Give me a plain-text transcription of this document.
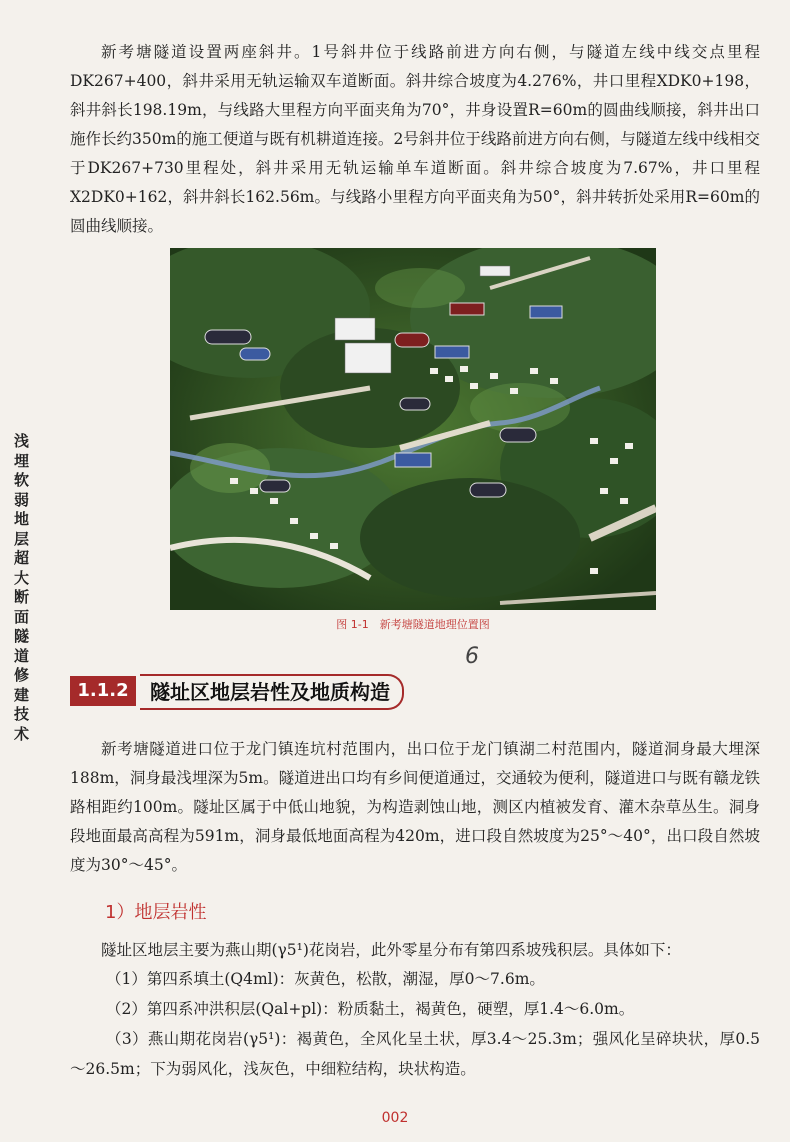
新考塘隧道设置两座斜井。1号斜井位于线路前进方向右侧，与隧道左线中线交点里程DK267+400，斜井采用无轨运输双车道断面。斜井综合坡度为4.276%，井口里程XDK0+198，斜井斜长198.19m，与线路大里程方向平面夹角为70°，井身设置R=60m的圆曲线顺接，斜井出口施作长约350m的施工便道与既有机耕道连接。2号斜井位于线路前进方向右侧，与隧道左线中线相交于DK267+730里程处，斜井采用无轨运输单车道断面。斜井综合坡度为7.67%，井口里程X2DK0+162，斜井斜长162.56m。与线路小里程方向平面夹角为50°，斜井转折处采用R=60m的圆曲线顺接。

图 1-1　新考塘隧道地理位置图
6
1.1.2	隧址区地层岩性及地质构造

新考塘隧道进口位于龙门镇连坑村范围内，出口位于龙门镇湖二村范围内，隧道洞身最大埋深188m，洞身最浅埋深为5m。隧道进出口均有乡间便道通过，交通较为便利，隧道进口与既有赣龙铁路相距约100m。隧址区属于中低山地貌，为构造剥蚀山地，测区内植被发育、灌木杂草丛生。洞身段地面最高高程为591m，洞身最低地面高程为420m，进口段自然坡度为25°～40°，出口段自然坡度为30°～45°。

1）地层岩性

隧址区地层主要为燕山期(γ5¹)花岗岩，此外零星分布有第四系坡残积层。具体如下：

（1）第四系填土(Q4ml)：灰黄色，松散，潮湿，厚0～7.6m。

（2）第四系冲洪积层(Qal+pl)：粉质黏土，褐黄色，硬塑，厚1.4～6.0m。

（3）燕山期花岗岩(γ5¹)：褐黄色，全风化呈土状，厚3.4～25.3m；强风化呈碎块状，厚0.5～26.5m；下为弱风化，浅灰色，中细粒结构，块状构造。

浅埋软弱地层超大断面隧道修建技术
002
